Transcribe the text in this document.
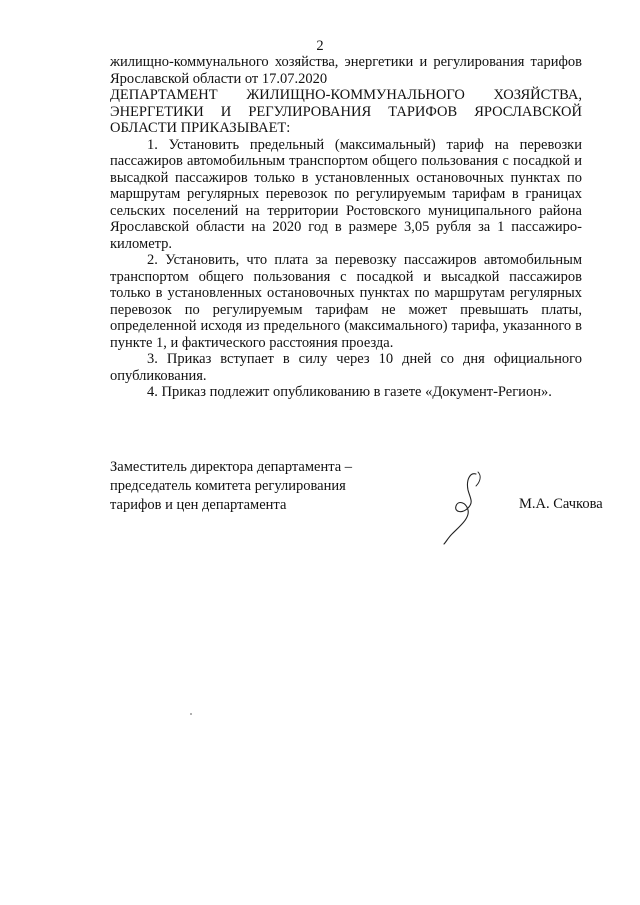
2

жилищно-коммунального хозяйства, энергетики и регулирования тарифов Ярославской области от 17.07.2020

ДЕПАРТАМЕНТ ЖИЛИЩНО-КОММУНАЛЬНОГО ХОЗЯЙСТВА, ЭНЕРГЕТИКИ И РЕГУЛИРОВАНИЯ ТАРИФОВ ЯРОСЛАВСКОЙ ОБЛАСТИ ПРИКАЗЫВАЕТ:

1. Установить предельный (максимальный) тариф на перевозки пассажиров автомобильным транспортом общего пользования с посадкой и высадкой пассажиров только в установленных остановочных пунктах по маршрутам регулярных перевозок по регулируемым тарифам в границах сельских поселений на территории Ростовского муниципального района Ярославской области на 2020 год в размере 3,05 рубля за 1 пассажиро-километр.

2. Установить, что плата за перевозку пассажиров автомобильным транспортом общего пользования с посадкой и высадкой пассажиров только в установленных остановочных пунктах по маршрутам регулярных перевозок по регулируемым тарифам не может превышать платы, определенной исходя из предельного (максимального) тарифа, указанного в пункте 1, и фактического расстояния проезда.

3. Приказ вступает в силу через 10 дней со дня официального опубликования.

4. Приказ подлежит опубликованию в газете «Документ-Регион».

Заместитель директора департамента –
председатель комитета регулирования
тарифов и цен департамента	М.А. Сачкова
